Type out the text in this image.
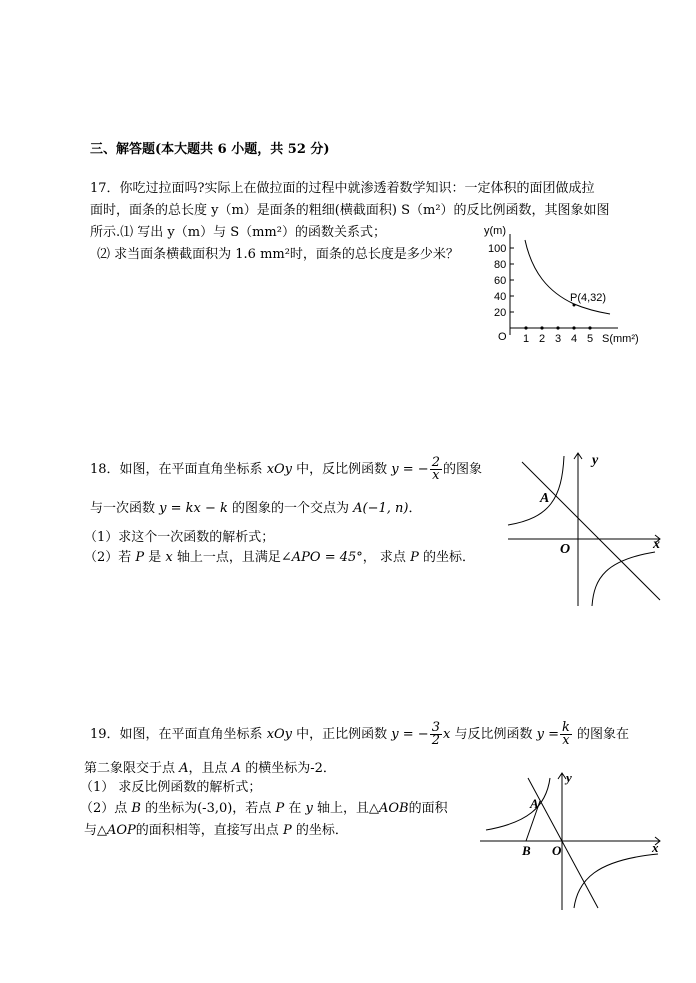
三、解答题(本大题共 6 小题，共 52 分)
17．你吃过拉面吗?实际上在做拉面的过程中就渗透着数学知识：一定体积的面团做成拉
面时，面条的总长度 y（m）是面条的粗细(横截面积) S（m²）的反比例函数，其图象如图
所示.⑴ 写出 y（m）与 S（mm²）的函数关系式；
⑵ 求当面条横截面积为 1.6 mm²时，面条的总长度是多少米？	100
80
60
40
20
y(m)
O 1 2 3 4 5 S(mm²)
P(4,32)
18．如图，在平面直角坐标系 xOy 中，反比例函数 y = − $\frac{2}{x}$ 的图象
与一次函数 y = kx − k 的图象的一个交点为 A(−1, n)．
（1）求这个一次函数的解析式；
（2）若 P 是 x 轴上一点，且满足∠APO = 45°， 求点 P 的坐标．
y
x
O
A
19．如图，在平面直角坐标系 xOy 中，正比例函数 y = − $\frac{3}{2}$ x 与反比例函数 $y = \frac{k}{x}$ 的图象在
第二象限交于点 A，且点 A 的横坐标为-2．
（1） 求反比例函数的解析式；
（2）点 B 的坐标为(-3,0)，若点 P 在 y 轴上，且△AOB的面积
与△AOP的面积相等，直接写出点 P 的坐标．
y
x
O
A
B
